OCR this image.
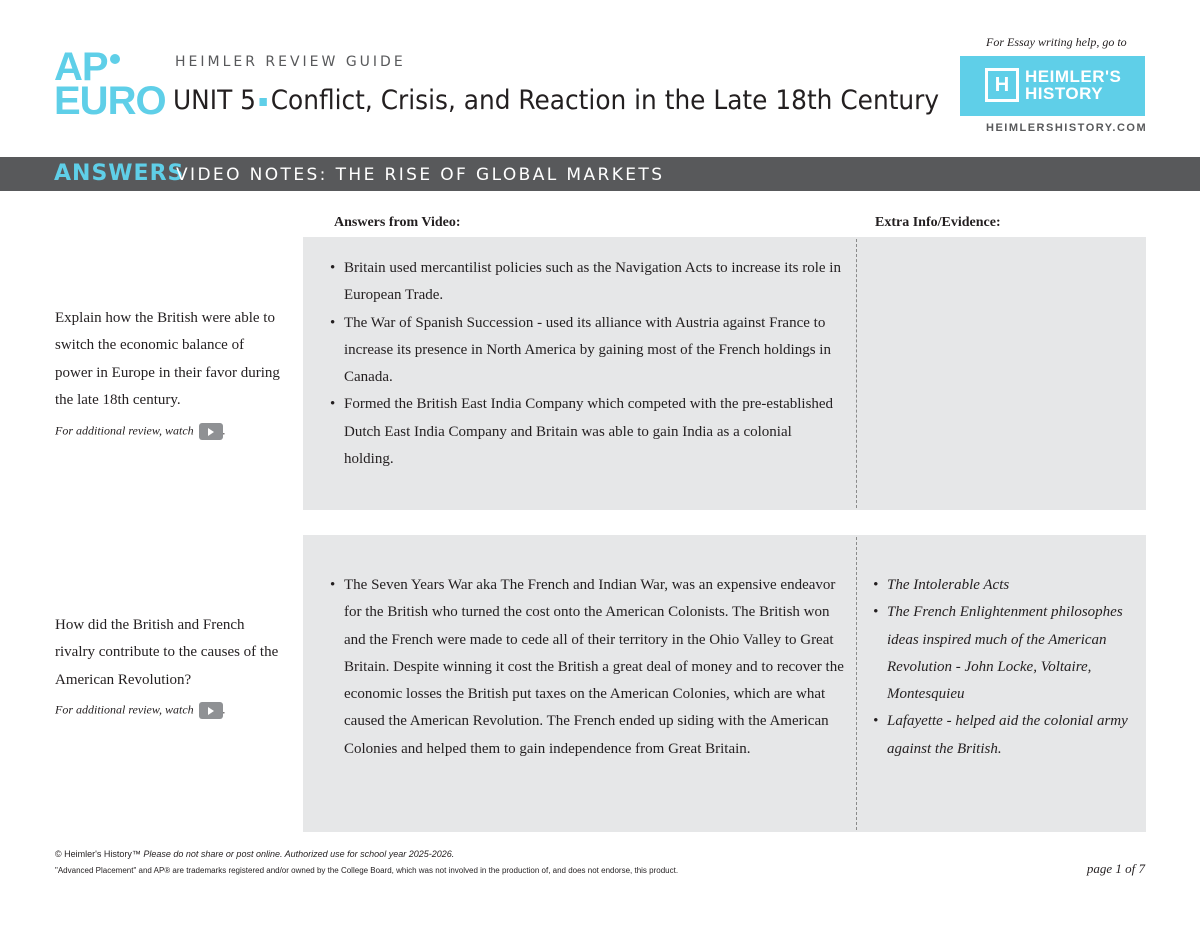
AP
EURO
HEIMLER REVIEW GUIDE
UNIT 5 Conflict, Crisis, and Reaction in the Late 18th Century
For Essay writing help, go to
H HEIMLER'S
HISTORY
HEIMLERSHISTORY.COM
ANSWERS
VIDEO NOTES: THE RISE OF GLOBAL MARKETS
Answers from Video:	Extra Info/Evidence:
Explain how the British were able to switch the economic balance of power in Europe in their favor during the late 18th century.
For additional review, watch .
• Britain used mercantilist policies such as the Navigation Acts to increase its role in European Trade.
• The War of Spanish Succession - used its alliance with Austria against France to increase its presence in North America by gaining most of the French holdings in Canada.
• Formed the British East India Company which competed with the pre-established Dutch East India Company and Britain was able to gain India as a colonial holding.
How did the British and French rivalry contribute to the causes of the American Revolution?
For additional review, watch .
• The Seven Years War aka The French and Indian War, was an expensive endeavor for the British who turned the cost onto the American Colonists. The British won and the French were made to cede all of their territory in the Ohio Valley to Great Britain. Despite winning it cost the British a great deal of money and to recover the economic losses the British put taxes on the American Colonies, which are what caused the American Revolution. The French ended up siding with the American Colonies and helped them to gain independence from Great Britain.
• The Intolerable Acts
• The French Enlightenment philosophes ideas inspired much of the American Revolution - John Locke, Voltaire, Montesquieu
• Lafayette - helped aid the colonial army against the British.
© Heimler's History™ Please do not share or post online. Authorized use for school year 2025-2026.
"Advanced Placement" and AP® are trademarks registered and/or owned by the College Board, which was not involved in the production of, and does not endorse, this product.	page 1 of 7
